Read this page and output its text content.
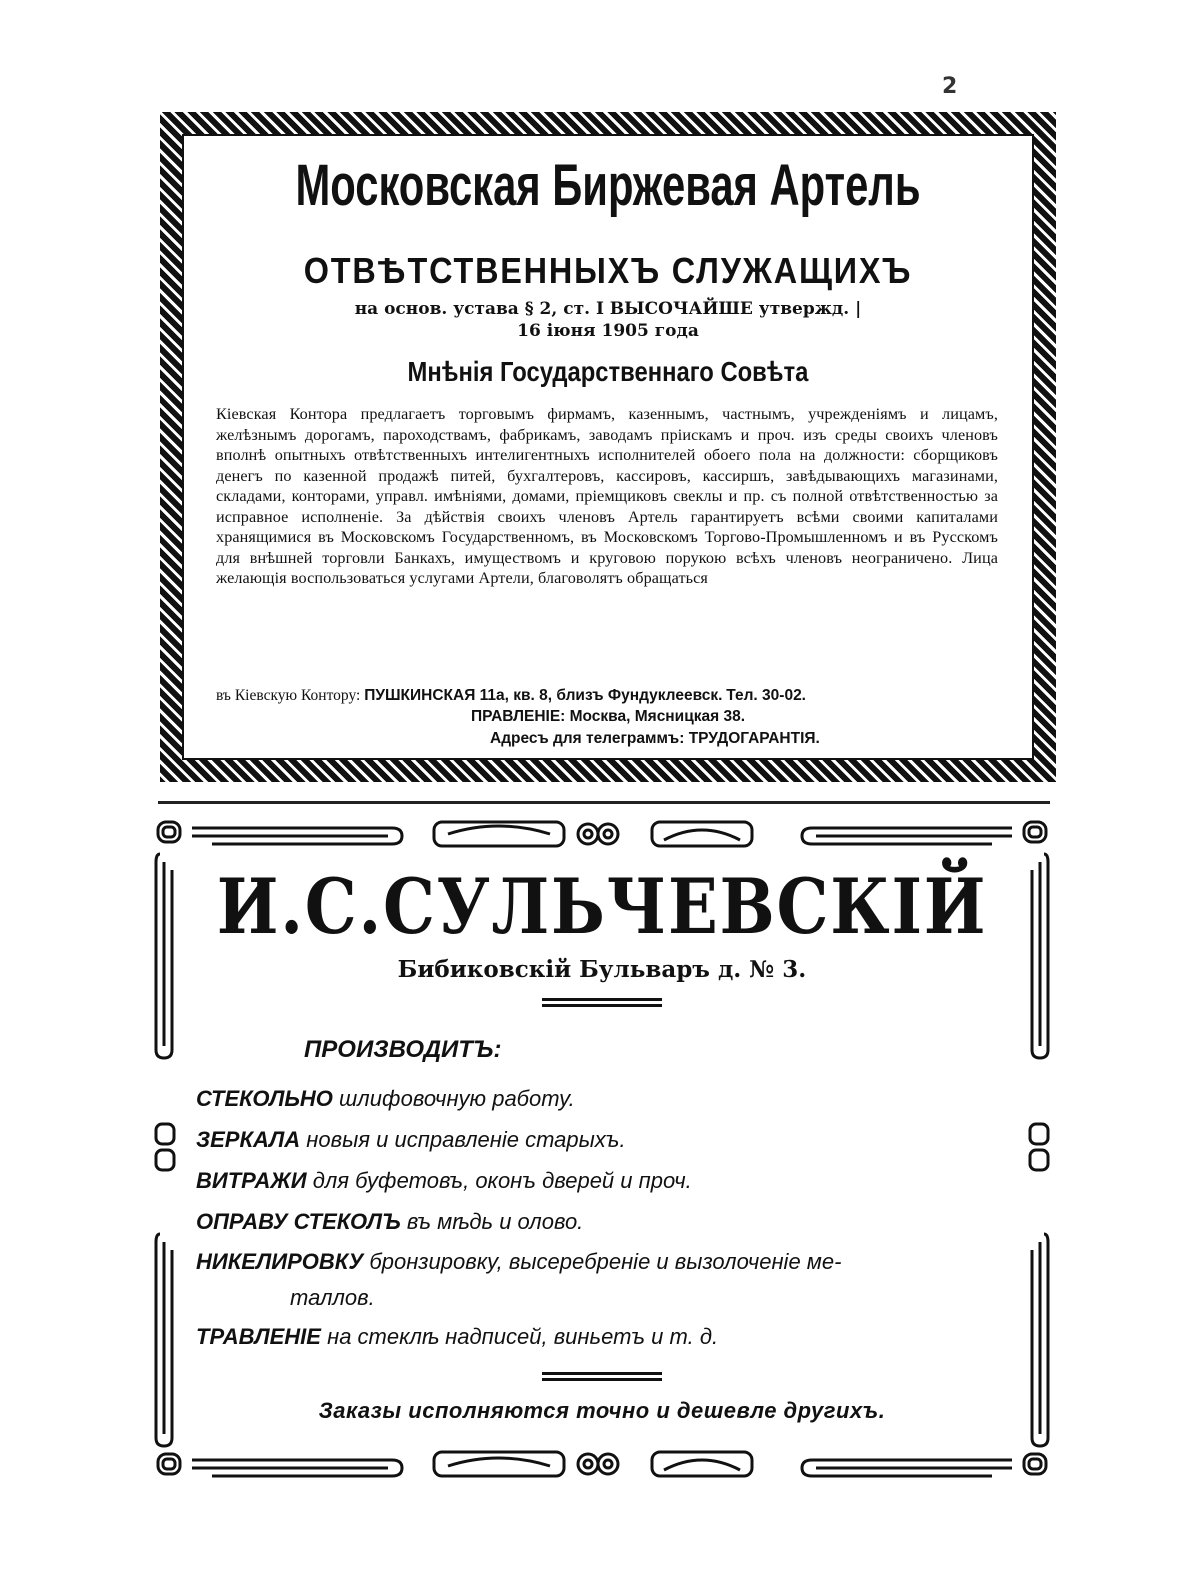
2
Московская Биржевая Артель
ОТВѢТСТВЕННЫХЪ СЛУЖАЩИХЪ
на основ. устава § 2, ст. I ВЫСОЧАЙШЕ утвержд. |
16 іюня 1905 года
Мнѣнія Государственнаго Совѣта
Кіевская Контора предлагаетъ торговымъ фирмамъ, казеннымъ, частнымъ, учрежденіямъ и лицамъ, желѣзнымъ дорогамъ, пароходствамъ, фабрикамъ, заводамъ пріискамъ и проч. изъ среды своихъ членовъ вполнѣ опытныхъ отвѣтственныхъ интелигентныхъ исполнителей обоего пола на должности: сборщиковъ денегъ по казенной продажѣ питей, бухгалтеровъ, кассировъ, кассиршъ, завѣдывающихъ магазинами, складами, конторами, управл. имѣніями, домами, пріемщиковъ свеклы и пр. съ полной отвѣтственностью за исправное исполненіе. За дѣйствія своихъ членовъ Артель гарантируетъ всѣми своими капиталами хранящимися въ Московскомъ Государственномъ, въ Московскомъ Торгово-Промышленномъ и въ Русскомъ для внѣшней торговли Банкахъ, имуществомъ и круговою порукою всѣхъ членовъ неограничено. Лица желающія воспользоваться услугами Артели, благоволятъ обращаться
въ Кіевскую Контору: ПУШКИНСКАЯ 11а, кв. 8, близъ Фундуклеевск. Тел. 30-02.
ПРАВЛЕНІЕ: Москва, Мясницкая 38.
Адресъ для телеграммъ: ТРУДОГАРАНТІЯ.
И.С.СУЛЬЧЕВСКІЙ
Бибиковскій Бульваръ д. № 3.
ПРОИЗВОДИТЪ:
СТЕКОЛЬНО шлифовочную работу.
ЗЕРКАЛА новыя и исправленіе старыхъ.
ВИТРАЖИ для буфетовъ, оконъ дверей и проч.
ОПРАВУ СТЕКОЛЪ въ мѣдь и олово.
НИКЕЛИРОВКУ бронзировку, высеребреніе и вызолоченіе ме-
таллов.
ТРАВЛЕНІЕ на стеклѣ надписей, виньетъ и т. д.
Заказы исполняются точно и дешевле другихъ.
